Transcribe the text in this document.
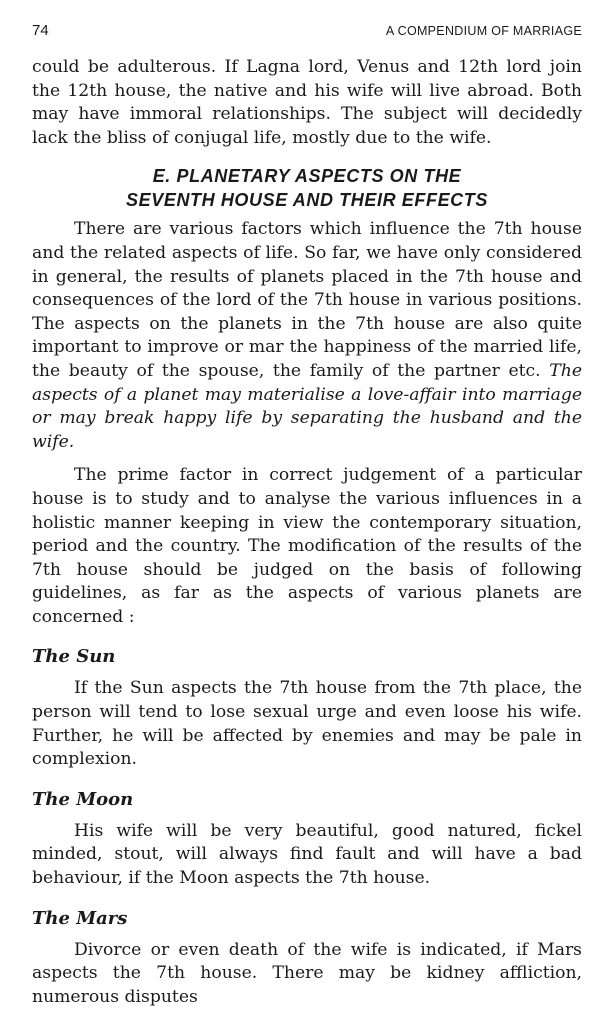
74	A COMPENDIUM OF MARRIAGE

could be adulterous. If Lagna lord, Venus and 12th lord join the 12th house, the native and his wife will live abroad. Both may have immoral relationships. The subject will decidedly lack the bliss of conjugal life, mostly due to the wife.

E. PLANETARY ASPECTS ON THE
SEVENTH HOUSE AND THEIR EFFECTS

There are various factors which influence the 7th house and the related aspects of life. So far, we have only considered in general, the results of planets placed in the 7th house and consequences of the lord of the 7th house in various positions. The aspects on the planets in the 7th house are also quite important to improve or mar the happiness of the married life, the beauty of the spouse, the family of the partner etc. The aspects of a planet may materialise a love-affair into marriage or may break happy life by separating the husband and the wife.

The prime factor in correct judgement of a particular house is to study and to analyse the various influences in a holistic manner keeping in view the contemporary situation, period and the country. The modification of the results of the 7th house should be judged on the basis of following guidelines, as far as the aspects of various planets are concerned :

The Sun

If the Sun aspects the 7th house from the 7th place, the person will tend to lose sexual urge and even loose his wife. Further, he will be affected by enemies and may be pale in complexion.

The Moon

His wife will be very beautiful, good natured, fickel minded, stout, will always find fault and will have a bad behaviour, if the Moon aspects the 7th house.

The Mars

Divorce or even death of the wife is indicated, if Mars aspects the 7th house. There may be kidney affliction, numerous disputes
